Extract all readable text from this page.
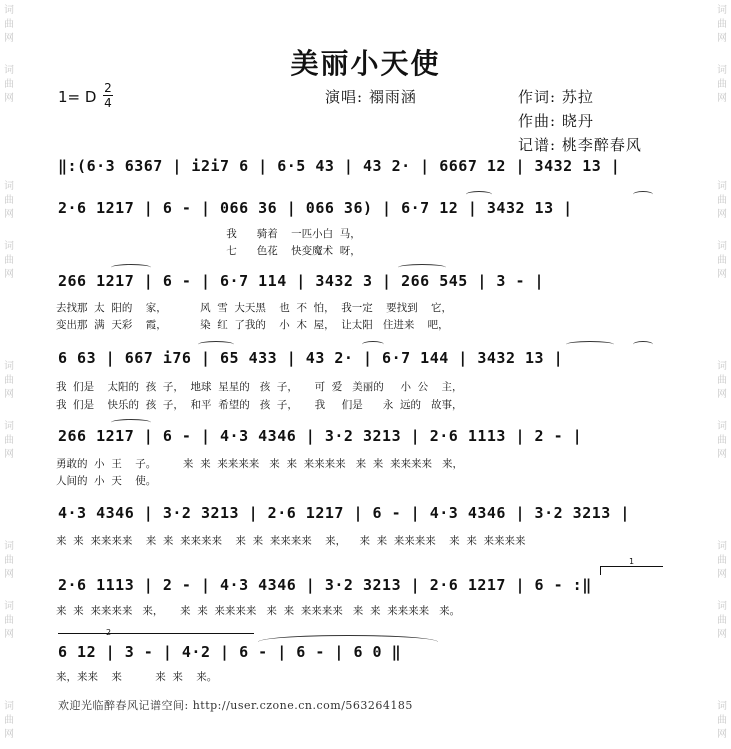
词
曲
网
词
曲
网
词
曲
网
词
曲
网
词
曲
网
词
曲
网
词
曲
网
词
曲
网
词
曲
网
词
曲
网
词
曲
网
词
曲
网
词
曲
网
词
曲
网
词
曲
网
词
曲
网
词
曲
网
词
曲
网
美丽小天使
1= D 2
4	演唱: 禤雨涵	作词: 苏拉
作曲: 晓丹
记谱: 桃李醉春风
‖:(6·3 6367 | i2i7 6 | 6·5 43 | 43 2· | 6667 12 | 3432 13 |
2·6 1217 | 6 - | 066 36 | 066 36) | 6·7 12 | 3432 13 |
我      骑着    一匹小白  马，
七      色花    快变魔术  呀，
266 1217 | 6 - | 6·7 114 | 3432 3 | 266 545 | 3 - |
去找那  太  阳的    家，          风  雪  大天黑    也  不  怕，  我一定    要找到    它，
变出那  满  天彩    霞，          染  红  了我的    小  木  屋，  让太阳   住进来    吧，
6 63 | 667 i76 | 65 433 | 43 2· | 6·7 144 | 3432 13 |
我  们是    太阳的  孩  子，  地球  星星的   孩  子，     可  爱   美丽的     小  公    主，
我  们是    快乐的  孩  子，  和平  希望的   孩  子，     我     们是      永  远的   故事，
266 1217 | 6 - | 4·3 4346 | 3·2 3213 | 2·6 1113 | 2 - |
勇敢的  小  王    子。        来  来  来来来来   来  来  来来来来   来  来  来来来来   来，
人间的  小  天    使。
4·3 4346 | 3·2 3213 | 2·6 1217 | 6 - | 4·3 4346 | 3·2 3213 |
来  来  来来来来    来  来  来来来来    来  来  来来来来    来，    来  来  来来来来    来  来  来来来来
1
2·6 1113 | 2 - | 4·3 4346 | 3·2 3213 | 2·6 1217 | 6 - :‖
来  来  来来来来   来，     来  来  来来来来   来  来  来来来来   来  来  来来来来   来。
2
6 12 | 3 - | 4·2 | 6 - | 6 - | 6 0 ‖
来，来来    来          来  来    来。
欢迎光临醉春风记谱空间: http://user.czone.cn.com/563264185
